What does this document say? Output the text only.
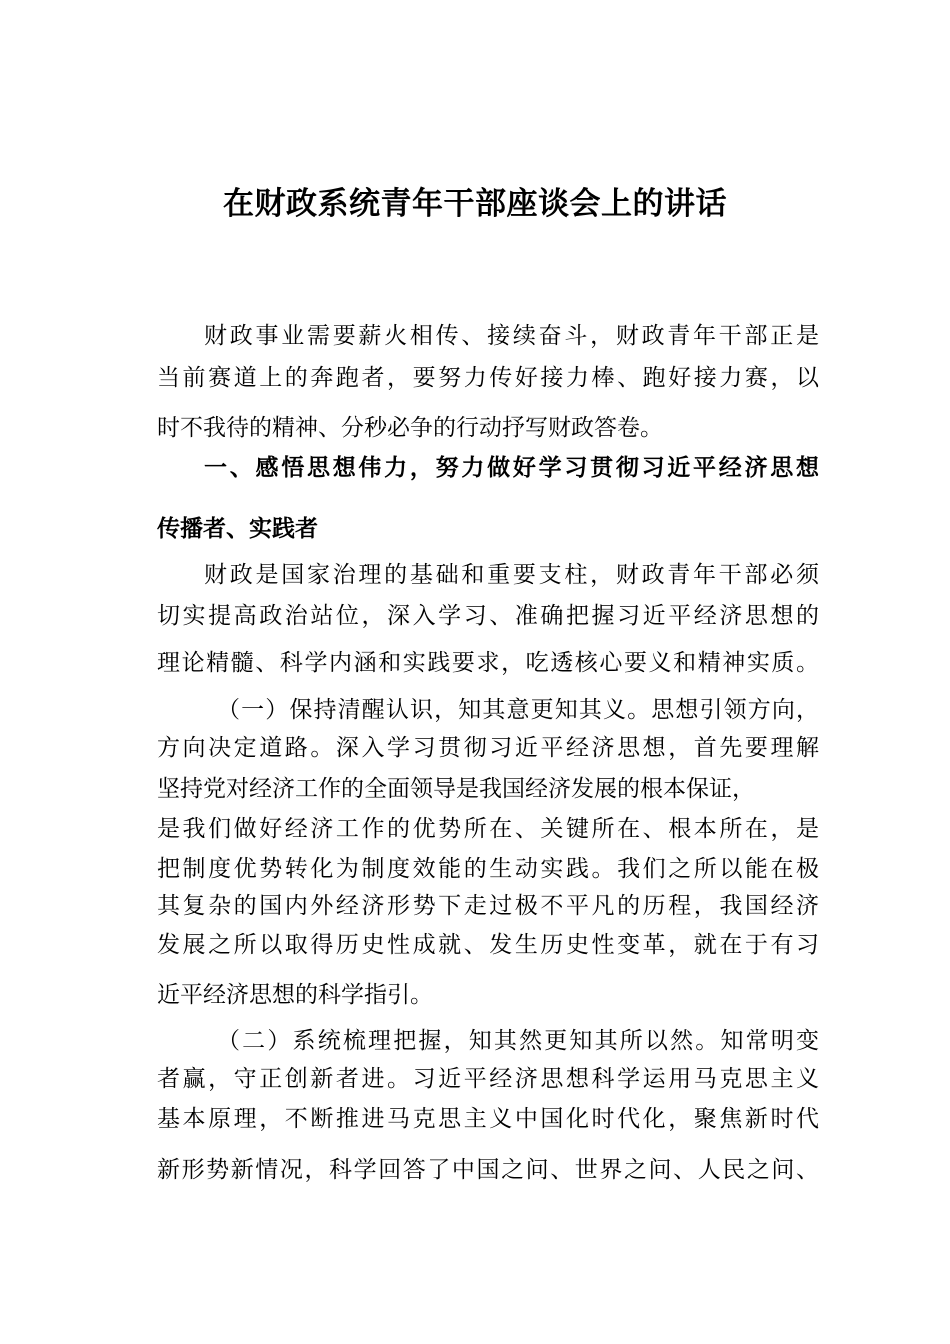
在财政系统青年干部座谈会上的讲话
财政事业需要薪火相传、接续奋斗，财政青年干部正是
当前赛道上的奔跑者，要努力传好接力棒、跑好接力赛，以
时不我待的精神、分秒必争的行动抒写财政答卷。
一、感悟思想伟力，努力做好学习贯彻习近平经济思想
传播者、实践者
财政是国家治理的基础和重要支柱，财政青年干部必须
切实提高政治站位，深入学习、准确把握习近平经济思想的
理论精髓、科学内涵和实践要求，吃透核心要义和精神实质。
（一）保持清醒认识，知其意更知其义。思想引领方向，
方向决定道路。深入学习贯彻习近平经济思想，首先要理解
坚持党对经济工作的全面领导是我国经济发展的根本保证，
是我们做好经济工作的优势所在、关键所在、根本所在，是
把制度优势转化为制度效能的生动实践。我们之所以能在极
其复杂的国内外经济形势下走过极不平凡的历程，我国经济
发展之所以取得历史性成就、发生历史性变革，就在于有习
近平经济思想的科学指引。
（二）系统梳理把握，知其然更知其所以然。知常明变
者赢，守正创新者进。习近平经济思想科学运用马克思主义
基本原理，不断推进马克思主义中国化时代化，聚焦新时代
新形势新情况，科学回答了中国之问、世界之问、人民之问、
